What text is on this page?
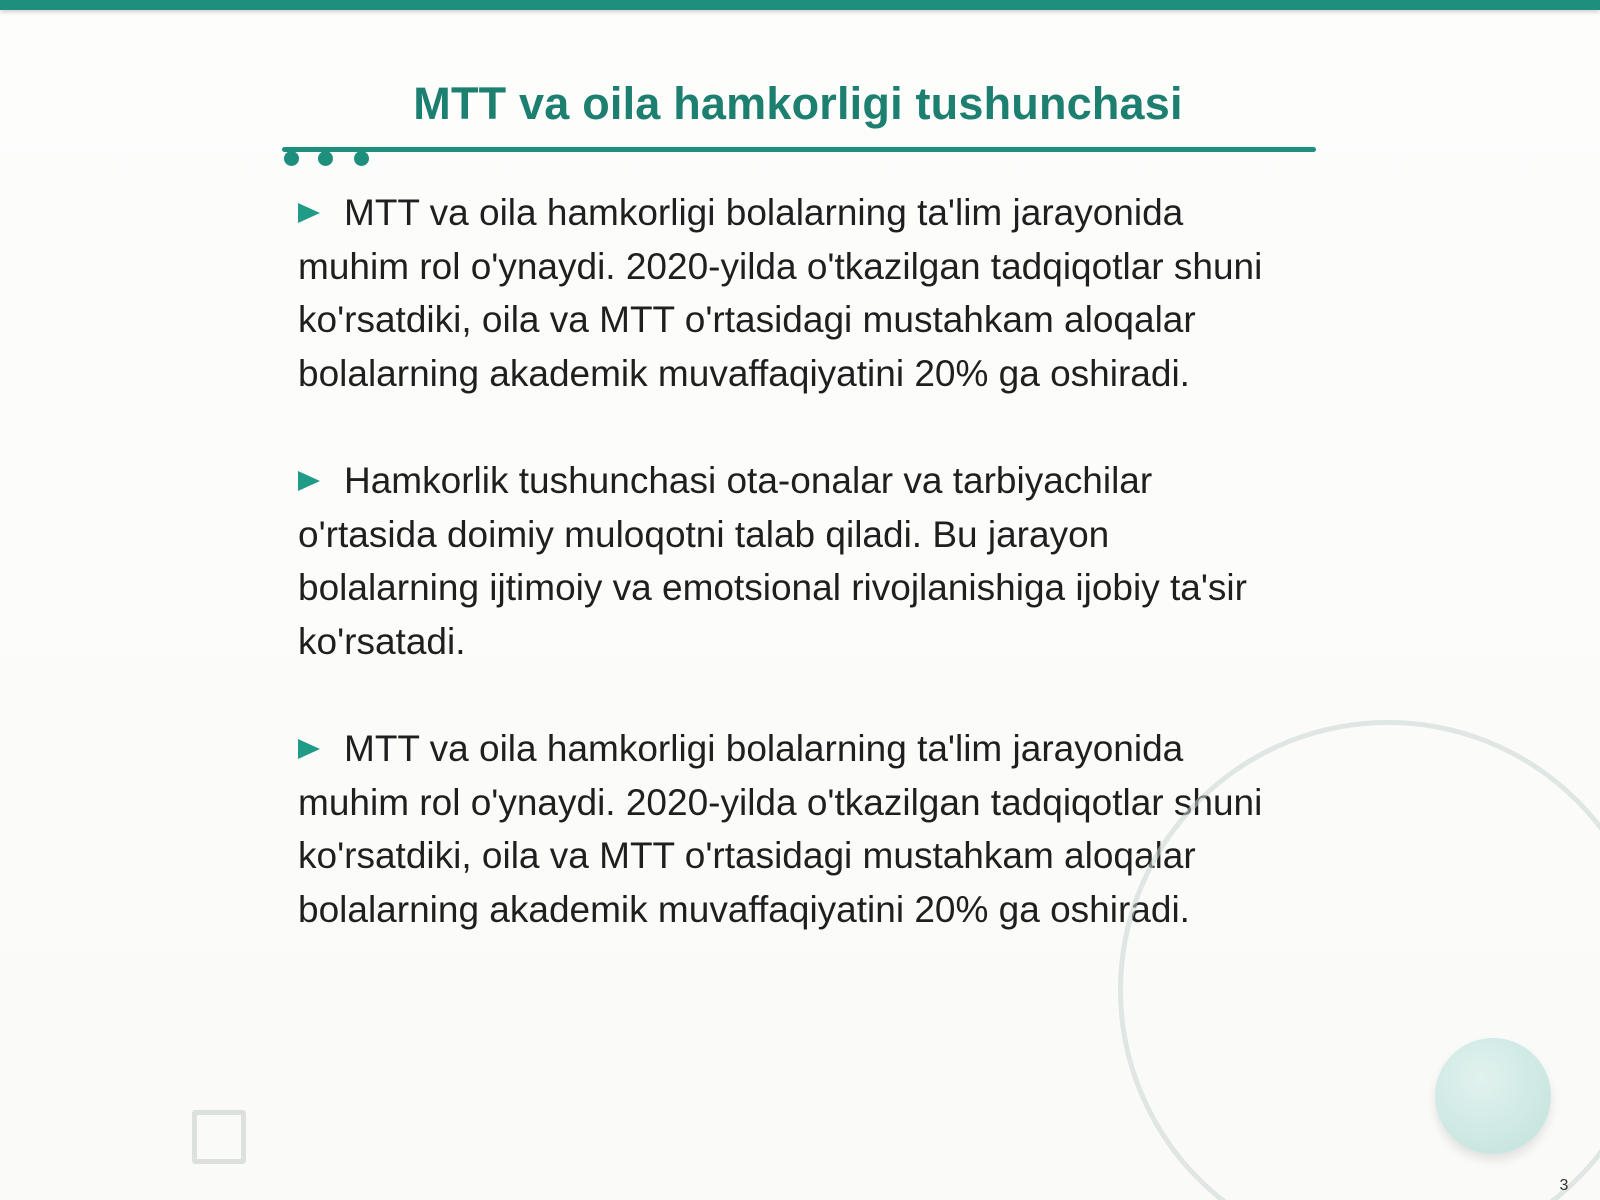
MTT va oila hamkorligi tushunchasi

MTT va oila hamkorligi bolalarning ta'lim jarayonida muhim rol o'ynaydi. 2020-yilda o'tkazilgan tadqiqotlar shuni ko'rsatdiki, oila va MTT o'rtasidagi mustahkam aloqalar bolalarning akademik muvaffaqiyatini 20% ga oshiradi.

Hamkorlik tushunchasi ota-onalar va tarbiyachilar o'rtasida doimiy muloqotni talab qiladi. Bu jarayon bolalarning ijtimoiy va emotsional rivojlanishiga ijobiy ta'sir ko'rsatadi.

MTT va oila hamkorligi bolalarning ta'lim jarayonida muhim rol o'ynaydi. 2020-yilda o'tkazilgan tadqiqotlar shuni ko'rsatdiki, oila va MTT o'rtasidagi mustahkam aloqalar bolalarning akademik muvaffaqiyatini 20% ga oshiradi.

3
